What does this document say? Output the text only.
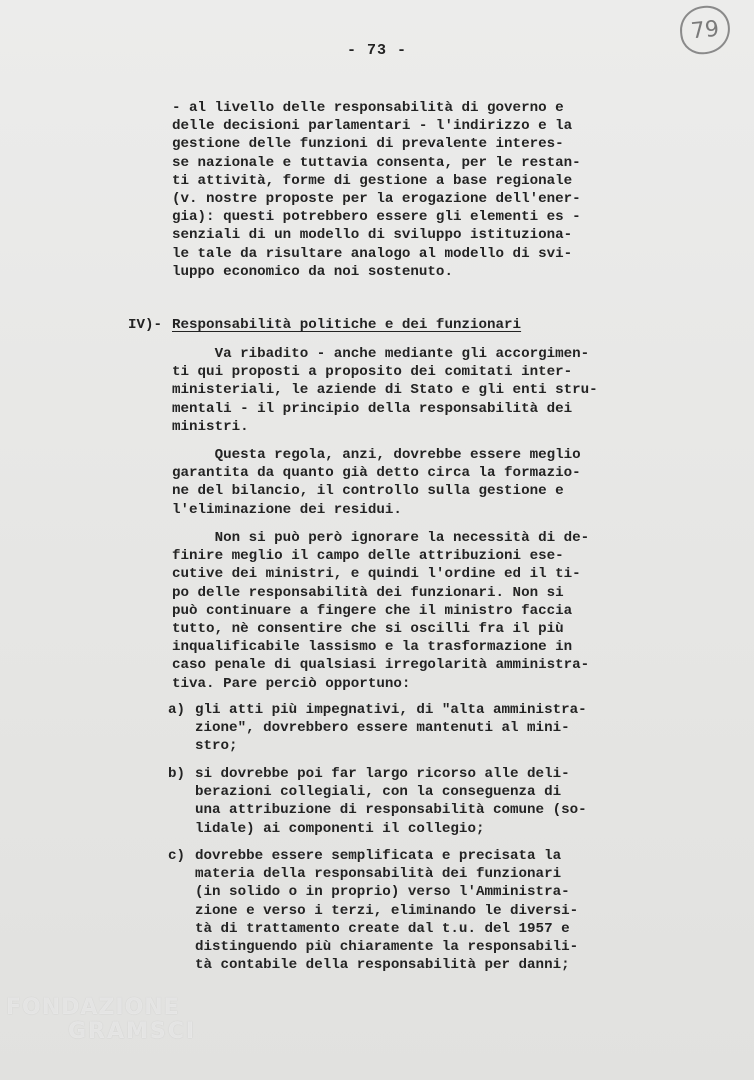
​
- 73 -
79
- al livello delle responsabilità di governo e
delle decisioni parlamentari - l'indirizzo e la
gestione delle funzioni di prevalente interes-
se nazionale e tuttavia consenta, per le restan-
ti attività, forme di gestione a base regionale
(v. nostre proposte per la erogazione dell'ener-
gia): questi potrebbero essere gli elementi es -
senziali di un modello di sviluppo istituziona-
le tale da risultare analogo al modello di svi-
luppo economico da noi sostenuto.
IV)- Responsabilità politiche e dei funzionari
Va ribadito - anche mediante gli accorgimen-
ti qui proposti a proposito dei comitati inter-
ministeriali, le aziende di Stato e gli enti stru-
mentali - il principio della responsabilità dei
ministri.
Questa regola, anzi, dovrebbe essere meglio
garantita da quanto già detto circa la formazio-
ne del bilancio, il controllo sulla gestione e
l'eliminazione dei residui.
Non si può però ignorare la necessità di de-
finire meglio il campo delle attribuzioni ese-
cutive dei ministri, e quindi l'ordine ed il ti-
po delle responsabilità dei funzionari. Non si
può continuare a fingere che il ministro faccia
tutto, nè consentire che si oscilli fra il più
inqualificabile lassismo e la trasformazione in
caso penale di qualsiasi irregolarità amministra-
tiva. Pare perciò opportuno:
a) gli atti più impegnativi, di "alta amministra-
zione", dovrebbero essere mantenuti al mini-
stro;
b) si dovrebbe poi far largo ricorso alle deli-
berazioni collegiali, con la conseguenza di
una attribuzione di responsabilità comune (so-
lidale) ai componenti il collegio;
c) dovrebbe essere semplificata e precisata la
materia della responsabilità dei funzionari
(in solido o in proprio) verso l'Amministra-
zione e verso i terzi, eliminando le diversi-
tà di trattamento create dal t.u. del 1957 e
distinguendo più chiaramente la responsabili-
tà contabile della responsabilità per danni;
FONDAZIONE
GRAMSCI
